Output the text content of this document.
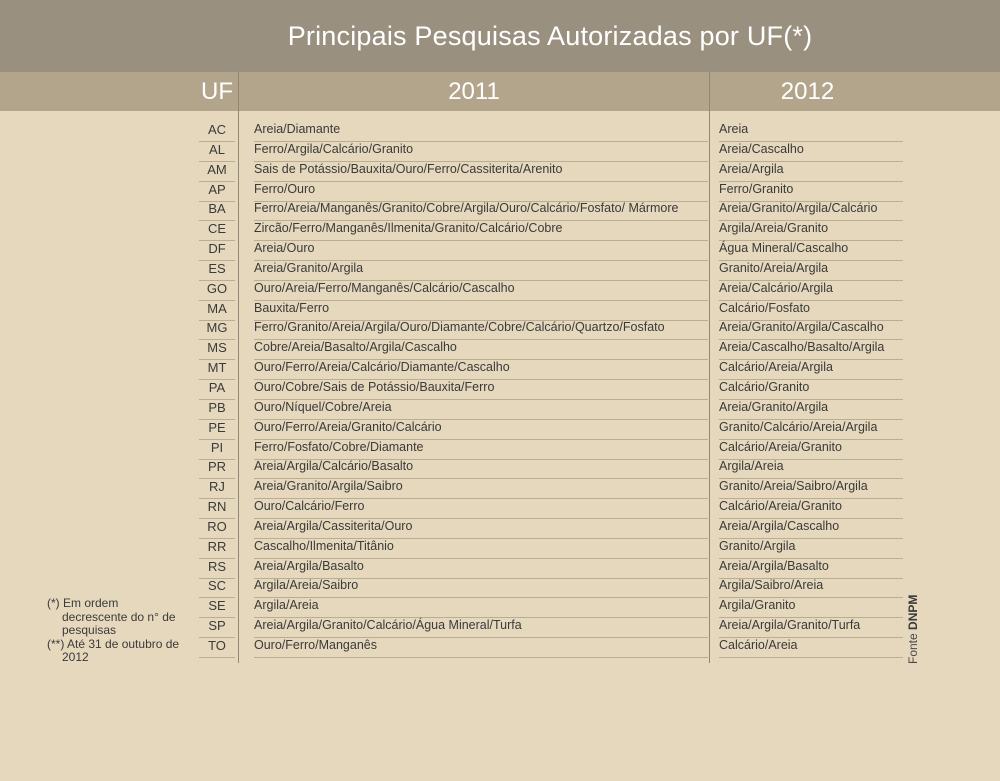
Principais Pesquisas Autorizadas por UF(*)
UF	2011	2012
AC	Areia/Diamante	Areia
AL	Ferro/Argila/Calcário/Granito	Areia/Cascalho
AM	Sais de Potássio/Bauxita/Ouro/Ferro/Cassiterita/Arenito	Areia/Argila
AP	Ferro/Ouro	Ferro/Granito
BA	Ferro/Areia/Manganês/Granito/Cobre/Argila/Ouro/Calcário/Fosfato/ Mármore	Areia/Granito/Argila/Calcário
CE	Zircão/Ferro/Manganês/Ilmenita/Granito/Calcário/Cobre	Argila/Areia/Granito
DF	Areia/Ouro	Água Mineral/Cascalho
ES	Areia/Granito/Argila	Granito/Areia/Argila
GO	Ouro/Areia/Ferro/Manganês/Calcário/Cascalho	Areia/Calcário/Argila
MA	Bauxita/Ferro	Calcário/Fosfato
MG	Ferro/Granito/Areia/Argila/Ouro/Diamante/Cobre/Calcário/Quartzo/Fosfato	Areia/Granito/Argila/Cascalho
MS	Cobre/Areia/Basalto/Argila/Cascalho	Areia/Cascalho/Basalto/Argila
MT	Ouro/Ferro/Areia/Calcário/Diamante/Cascalho	Calcário/Areia/Argila
PA	Ouro/Cobre/Sais de Potássio/Bauxita/Ferro	Calcário/Granito
PB	Ouro/Níquel/Cobre/Areia	Areia/Granito/Argila
PE	Ouro/Ferro/Areia/Granito/Calcário	Granito/Calcário/Areia/Argila
PI	Ferro/Fosfato/Cobre/Diamante	Calcário/Areia/Granito
PR	Areia/Argila/Calcário/Basalto	Argila/Areia
RJ	Areia/Granito/Argila/Saibro	Granito/Areia/Saibro/Argila
RN	Ouro/Calcário/Ferro	Calcário/Areia/Granito
RO	Areia/Argila/Cassiterita/Ouro	Areia/Argila/Cascalho
RR	Cascalho/Ilmenita/Titânio	Granito/Argila
RS	Areia/Argila/Basalto	Areia/Argila/Basalto
SC	Argila/Areia/Saibro	Argila/Saibro/Areia
SE	Argila/Areia	Argila/Granito
SP	Areia/Argila/Granito/Calcário/Água Mineral/Turfa	Areia/Argila/Granito/Turfa
TO	Ouro/Ferro/Manganês	Calcário/Areia
(*) Em ordem decrescente do n° de pesquisas
(**) Até 31 de outubro de 2012	Fonte DNPM
